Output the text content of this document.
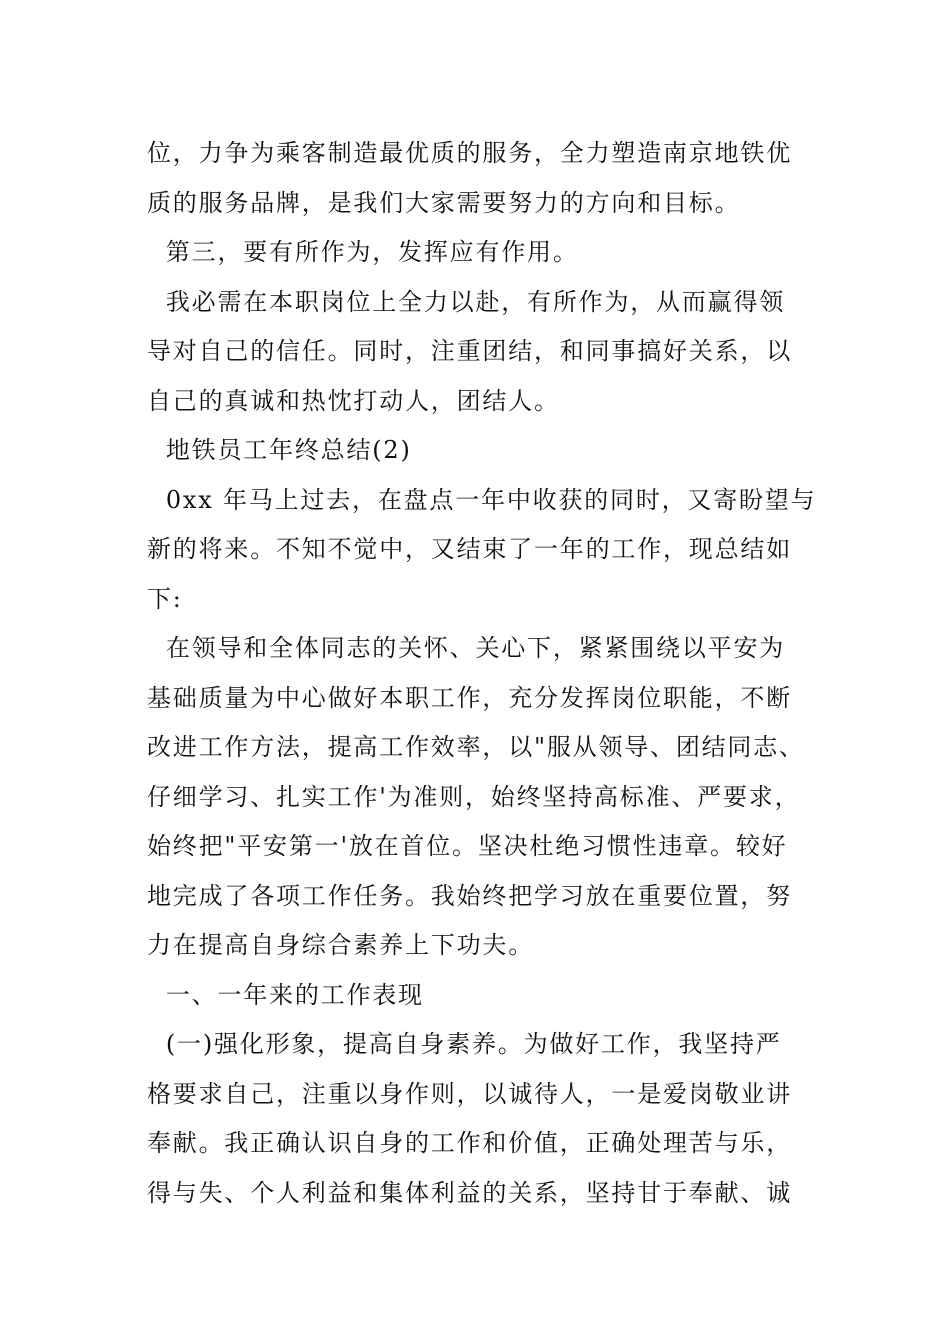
位，力争为乘客制造最优质的服务，全力塑造南京地铁优
质的服务品牌，是我们大家需要努力的方向和目标。
第三，要有所作为，发挥应有作用。
我必需在本职岗位上全力以赴，有所作为，从而赢得领
导对自己的信任。同时，注重团结，和同事搞好关系，以
自己的真诚和热忱打动人，团结人。
地铁员工年终总结(2)
0xx 年马上过去，在盘点一年中收获的同时，又寄盼望与
新的将来。不知不觉中，又结束了一年的工作，现总结如
下:
在领导和全体同志的关怀、关心下，紧紧围绕以平安为
基础质量为中心做好本职工作，充分发挥岗位职能，不断
改进工作方法，提高工作效率，以"服从领导、团结同志、
仔细学习、扎实工作'为准则，始终坚持高标准、严要求，
始终把"平安第一'放在首位。坚决杜绝习惯性违章。较好
地完成了各项工作任务。我始终把学习放在重要位置，努
力在提高自身综合素养上下功夫。
一、一年来的工作表现
(一)强化形象，提高自身素养。为做好工作，我坚持严
格要求自己，注重以身作则，以诚待人，一是爱岗敬业讲
奉献。我正确认识自身的工作和价值，正确处理苦与乐，
得与失、个人利益和集体利益的关系，坚持甘于奉献、诚
